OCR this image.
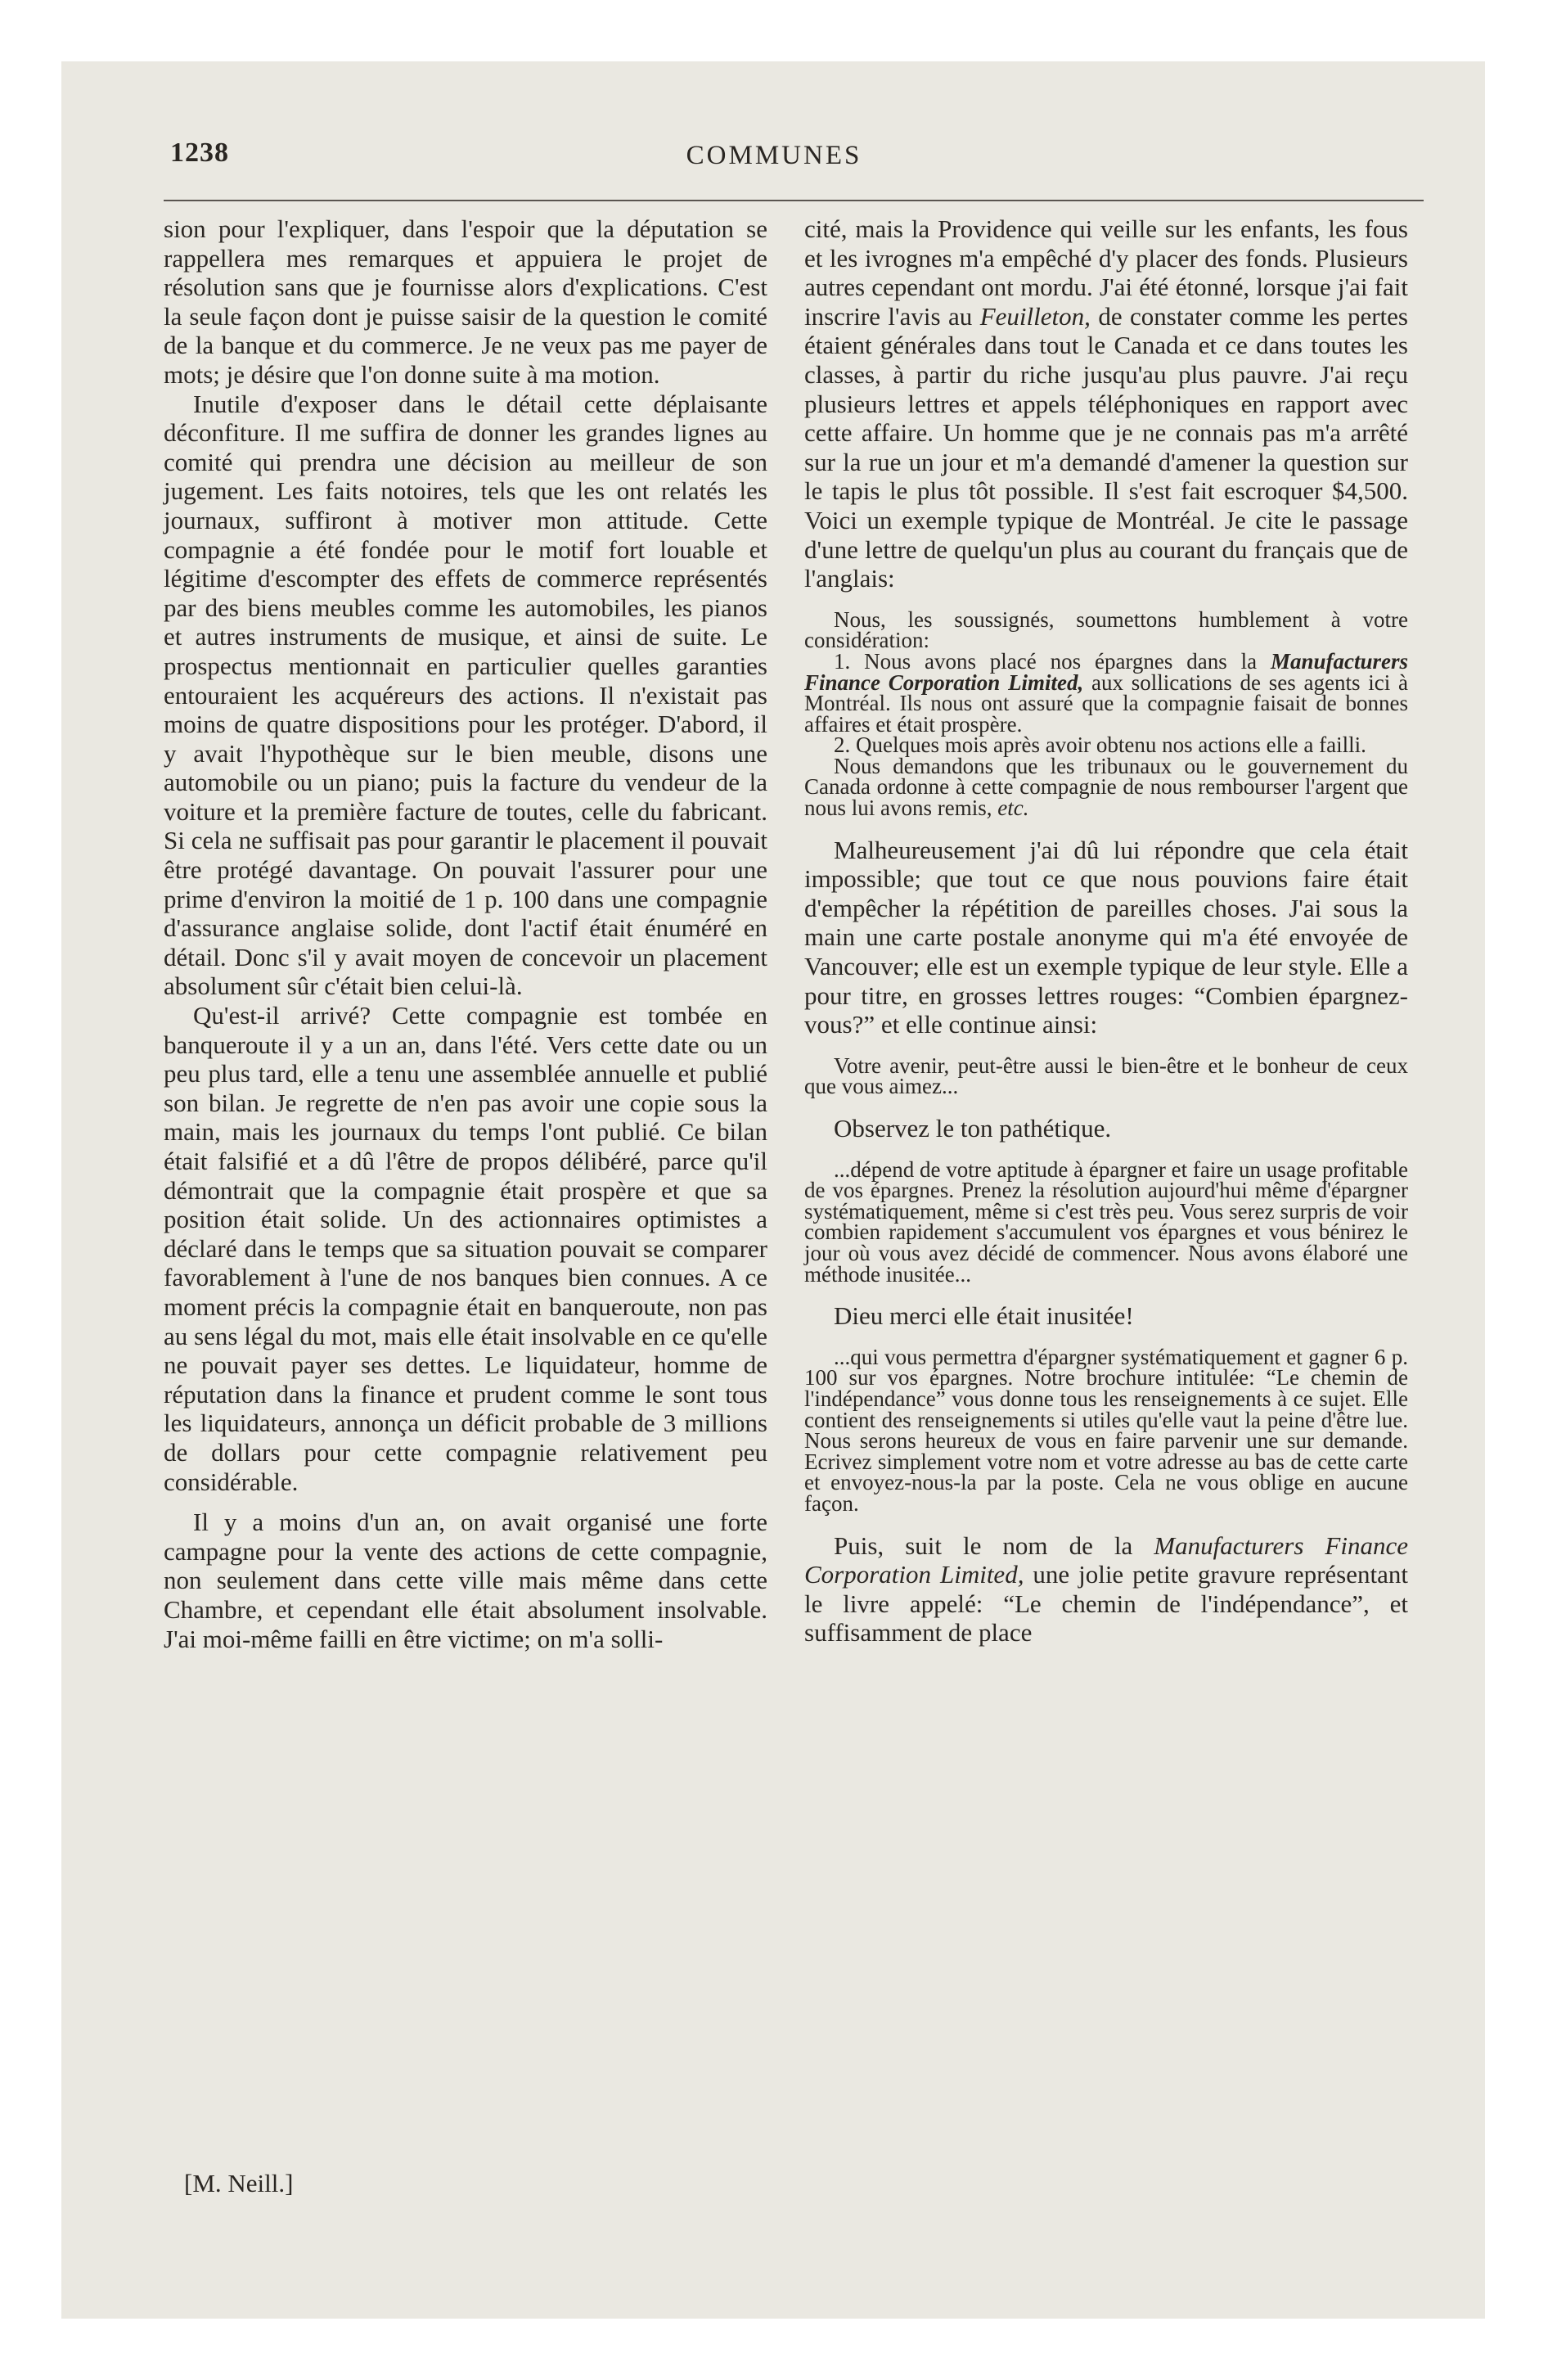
1238	COMMUNES

sion pour l'expliquer, dans l'espoir que la députation se rappellera mes remarques et appuiera le projet de résolution sans que je fournisse alors d'explications. C'est la seule façon dont je puisse saisir de la question le comité de la banque et du commerce. Je ne veux pas me payer de mots; je désire que l'on donne suite à ma motion.

Inutile d'exposer dans le détail cette déplaisante déconfiture. Il me suffira de donner les grandes lignes au comité qui prendra une décision au meilleur de son jugement. Les faits notoires, tels que les ont relatés les journaux, suffiront à motiver mon attitude. Cette compagnie a été fondée pour le motif fort louable et légitime d'escompter des effets de commerce représentés par des biens meubles comme les automobiles, les pianos et autres instruments de musique, et ainsi de suite. Le prospectus mentionnait en particulier quelles garanties entouraient les acquéreurs des actions. Il n'existait pas moins de quatre dispositions pour les protéger. D'abord, il y avait l'hypothèque sur le bien meuble, disons une automobile ou un piano; puis la facture du vendeur de la voiture et la première facture de toutes, celle du fabricant. Si cela ne suffisait pas pour garantir le placement il pouvait être protégé davantage. On pouvait l'assurer pour une prime d'environ la moitié de 1 p. 100 dans une compagnie d'assurance anglaise solide, dont l'actif était énuméré en détail. Donc s'il y avait moyen de concevoir un placement absolument sûr c'était bien celui-là.

Qu'est-il arrivé? Cette compagnie est tombée en banqueroute il y a un an, dans l'été. Vers cette date ou un peu plus tard, elle a tenu une assemblée annuelle et publié son bilan. Je regrette de n'en pas avoir une copie sous la main, mais les journaux du temps l'ont publié. Ce bilan était falsifié et a dû l'être de propos délibéré, parce qu'il démontrait que la compagnie était prospère et que sa position était solide. Un des actionnaires optimistes a déclaré dans le temps que sa situation pouvait se comparer favorablement à l'une de nos banques bien connues. A ce moment précis la compagnie était en banqueroute, non pas au sens légal du mot, mais elle était insolvable en ce qu'elle ne pouvait payer ses dettes. Le liquidateur, homme de réputation dans la finance et prudent comme le sont tous les liquidateurs, annonça un déficit probable de 3 millions de dollars pour cette compagnie relativement peu considérable.

Il y a moins d'un an, on avait organisé une forte campagne pour la vente des actions de cette compagnie, non seulement dans cette ville mais même dans cette Chambre, et cependant elle était absolument insolvable. J'ai moi-même failli en être victime; on m'a solli-

[M. Neill.]

cité, mais la Providence qui veille sur les enfants, les fous et les ivrognes m'a empêché d'y placer des fonds. Plusieurs autres cependant ont mordu. J'ai été étonné, lorsque j'ai fait inscrire l'avis au Feuilleton, de constater comme les pertes étaient générales dans tout le Canada et ce dans toutes les classes, à partir du riche jusqu'au plus pauvre. J'ai reçu plusieurs lettres et appels téléphoniques en rapport avec cette affaire. Un homme que je ne connais pas m'a arrêté sur la rue un jour et m'a demandé d'amener la question sur le tapis le plus tôt possible. Il s'est fait escroquer $4,500. Voici un exemple typique de Montréal. Je cite le passage d'une lettre de quelqu'un plus au courant du français que de l'anglais:

Nous, les soussignés, soumettons humblement à votre considération:

1. Nous avons placé nos épargnes dans la Manufacturers Finance Corporation Limited, aux sollications de ses agents ici à Montréal. Ils nous ont assuré que la compagnie faisait de bonnes affaires et était prospère.

2. Quelques mois après avoir obtenu nos actions elle a failli.

Nous demandons que les tribunaux ou le gouvernement du Canada ordonne à cette compagnie de nous rembourser l'argent que nous lui avons remis, etc.

Malheureusement j'ai dû lui répondre que cela était impossible; que tout ce que nous pouvions faire était d'empêcher la répétition de pareilles choses. J'ai sous la main une carte postale anonyme qui m'a été envoyée de Vancouver; elle est un exemple typique de leur style. Elle a pour titre, en grosses lettres rouges: “Combien épargnez-vous?” et elle continue ainsi:

Votre avenir, peut-être aussi le bien-être et le bonheur de ceux que vous aimez...

Observez le ton pathétique.

...dépend de votre aptitude à épargner et faire un usage profitable de vos épargnes. Prenez la résolution aujourd'hui même d'épargner systématiquement, même si c'est très peu. Vous serez surpris de voir combien rapidement s'accumulent vos épargnes et vous bénirez le jour où vous avez décidé de commencer. Nous avons élaboré une méthode inusitée...

Dieu merci elle était inusitée!

...qui vous permettra d'épargner systématiquement et gagner 6 p. 100 sur vos épargnes. Notre brochure intitulée: “Le chemin de l'indépendance” vous donne tous les renseignements à ce sujet. Elle contient des renseignements si utiles qu'elle vaut la peine d'être lue. Nous serons heureux de vous en faire parvenir une sur demande. Ecrivez simplement votre nom et votre adresse au bas de cette carte et envoyez-nous-la par la poste. Cela ne vous oblige en aucune façon.

Puis, suit le nom de la Manufacturers Finance Corporation Limited, une jolie petite gravure représentant le livre appelé: “Le chemin de l'indépendance”, et suffisamment de place
